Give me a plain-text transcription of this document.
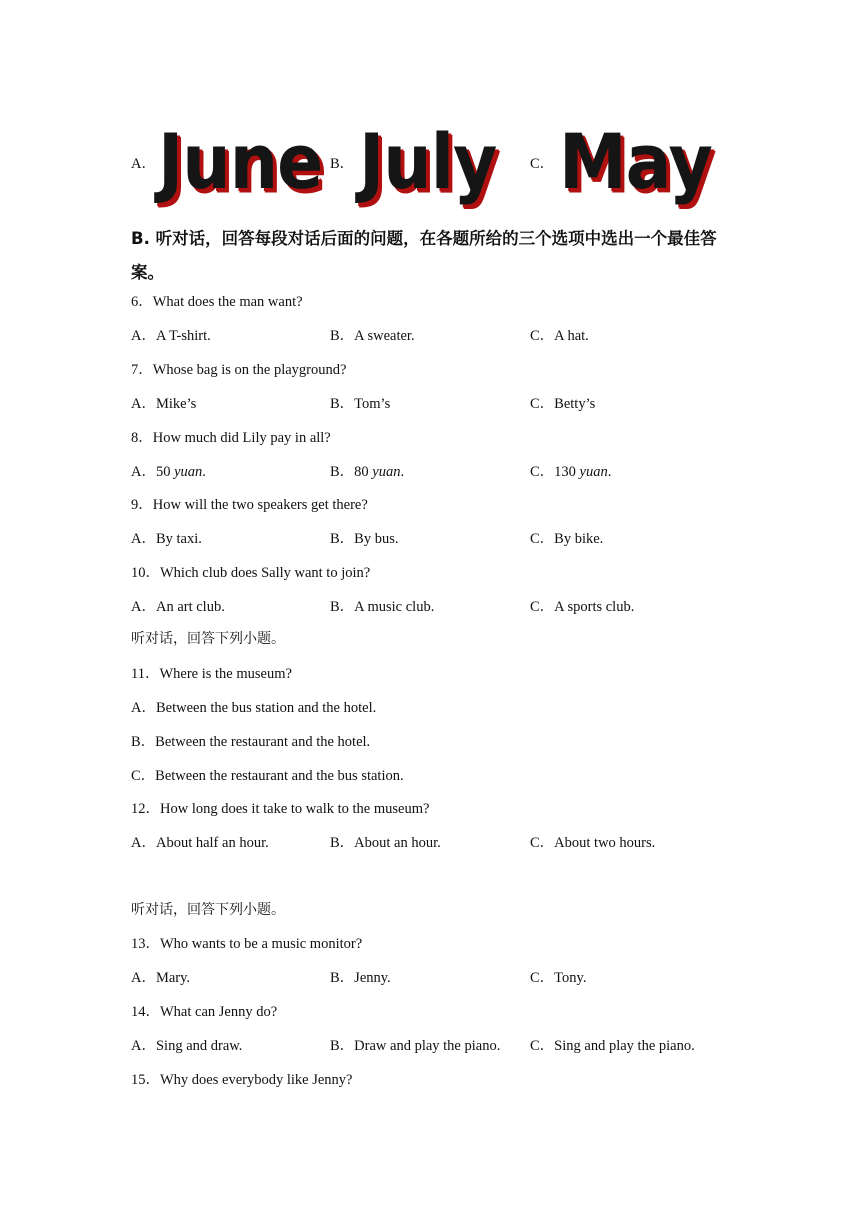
A． June B． July C． May
B. 听对话，回答每段对话后面的问题，在各题所给的三个选项中选出一个最佳答案。
6．What does the man want?
A．A T-shirt.	B．A sweater.	C．A hat.
7．Whose bag is on the playground?
A．Mike’s	B．Tom’s	C．Betty’s
8．How much did Lily pay in all?
A．50 yuan.	B．80 yuan.	C．130 yuan.
9．How will the two speakers get there?
A．By taxi.	B．By bus.	C．By bike.
10．Which club does Sally want to join?
A．An art club.	B．A music club.	C．A sports club.
听对话，回答下列小题。
11．Where is the museum?
A．Between the bus station and the hotel.
B．Between the restaurant and the hotel.
C．Between the restaurant and the bus station.
12．How long does it take to walk to the museum?
A．About half an hour.	B．About an hour.	C．About two hours.
听对话，回答下列小题。
13．Who wants to be a music monitor?
A．Mary.	B．Jenny.	C．Tony.
14．What can Jenny do?
A．Sing and draw.	B．Draw and play the piano. C．Sing and play the piano.
15．Why does everybody like Jenny?
